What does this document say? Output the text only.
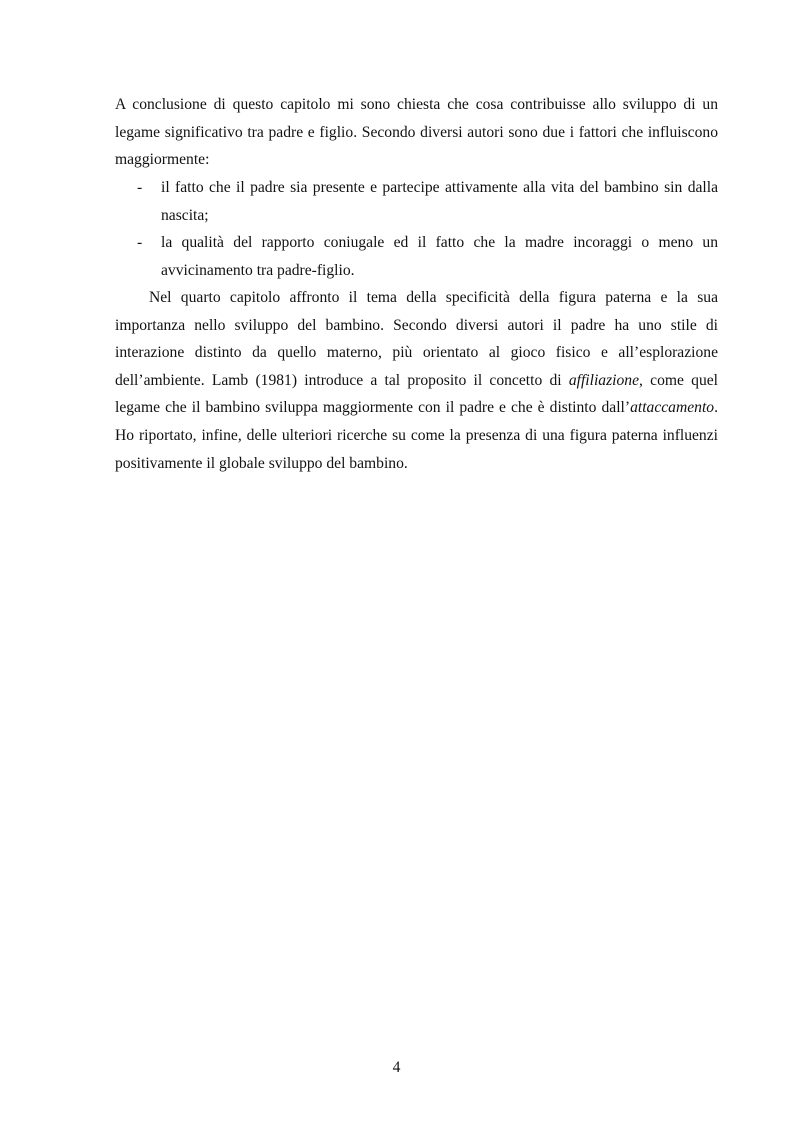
A conclusione di questo capitolo mi sono chiesta che cosa contribuisse allo sviluppo di un legame significativo tra padre e figlio. Secondo diversi autori sono due i fattori che influiscono maggiormente:

- il fatto che il padre sia presente e partecipe attivamente alla vita del bambino sin dalla nascita;
- la qualità del rapporto coniugale ed il fatto che la madre incoraggi o meno un avvicinamento tra padre-figlio.

Nel quarto capitolo affronto il tema della specificità della figura paterna e la sua importanza nello sviluppo del bambino. Secondo diversi autori il padre ha uno stile di interazione distinto da quello materno, più orientato al gioco fisico e all’esplorazione dell’ambiente. Lamb (1981) introduce a tal proposito il concetto di affiliazione, come quel legame che il bambino sviluppa maggiormente con il padre e che è distinto dall’attaccamento. Ho riportato, infine, delle ulteriori ricerche su come la presenza di una figura paterna influenzi positivamente il globale sviluppo del bambino.

4
